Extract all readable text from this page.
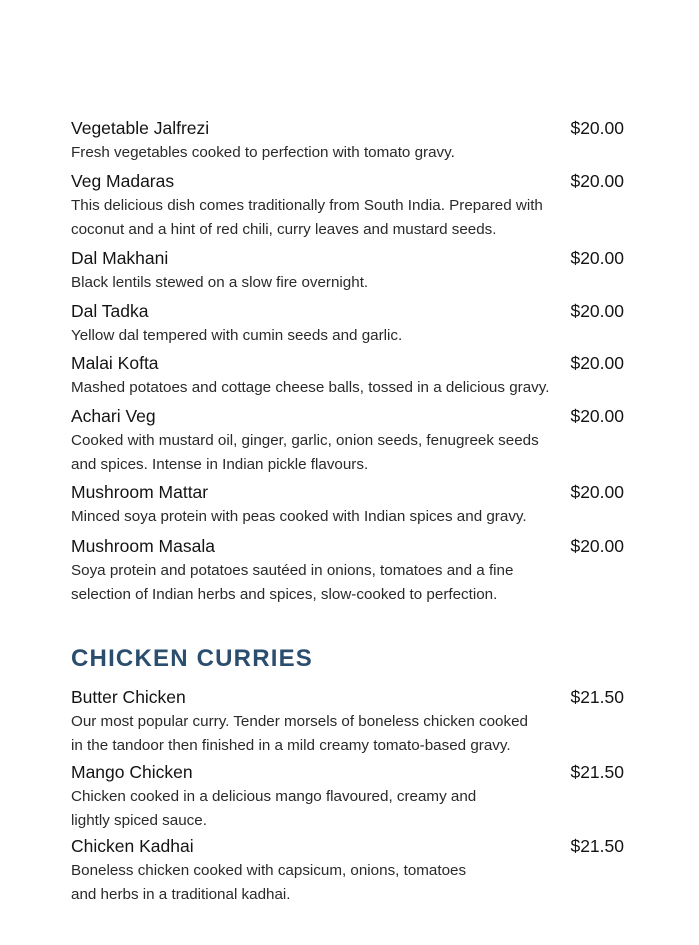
Vegetable Jalfrezi	$20.00
Fresh vegetables cooked to perfection with tomato gravy.
Veg Madaras	$20.00
This delicious dish comes traditionally from South India. Prepared with
coconut and a hint of red chili, curry leaves and mustard seeds.
Dal Makhani	$20.00
Black lentils stewed on a slow fire overnight.
Dal Tadka	$20.00
Yellow dal tempered with cumin seeds and garlic.
Malai Kofta	$20.00
Mashed potatoes and cottage cheese balls, tossed in a delicious gravy.
Achari Veg	$20.00
Cooked with mustard oil, ginger, garlic, onion seeds, fenugreek seeds
and spices. Intense in Indian pickle flavours.
Mushroom Mattar	$20.00
Minced soya protein with peas cooked with Indian spices and gravy.
Mushroom Masala	$20.00
Soya protein and potatoes sautéed in onions, tomatoes and a fine
selection of Indian herbs and spices, slow-cooked to perfection.
CHICKEN CURRIES
Butter Chicken	$21.50
Our most popular curry. Tender morsels of boneless chicken cooked
in the tandoor then finished in a mild creamy tomato-based gravy.
Mango Chicken	$21.50
Chicken cooked in a delicious mango flavoured, creamy and
lightly spiced sauce.
Chicken Kadhai	$21.50
Boneless chicken cooked with capsicum, onions, tomatoes
and herbs in a traditional kadhai.
